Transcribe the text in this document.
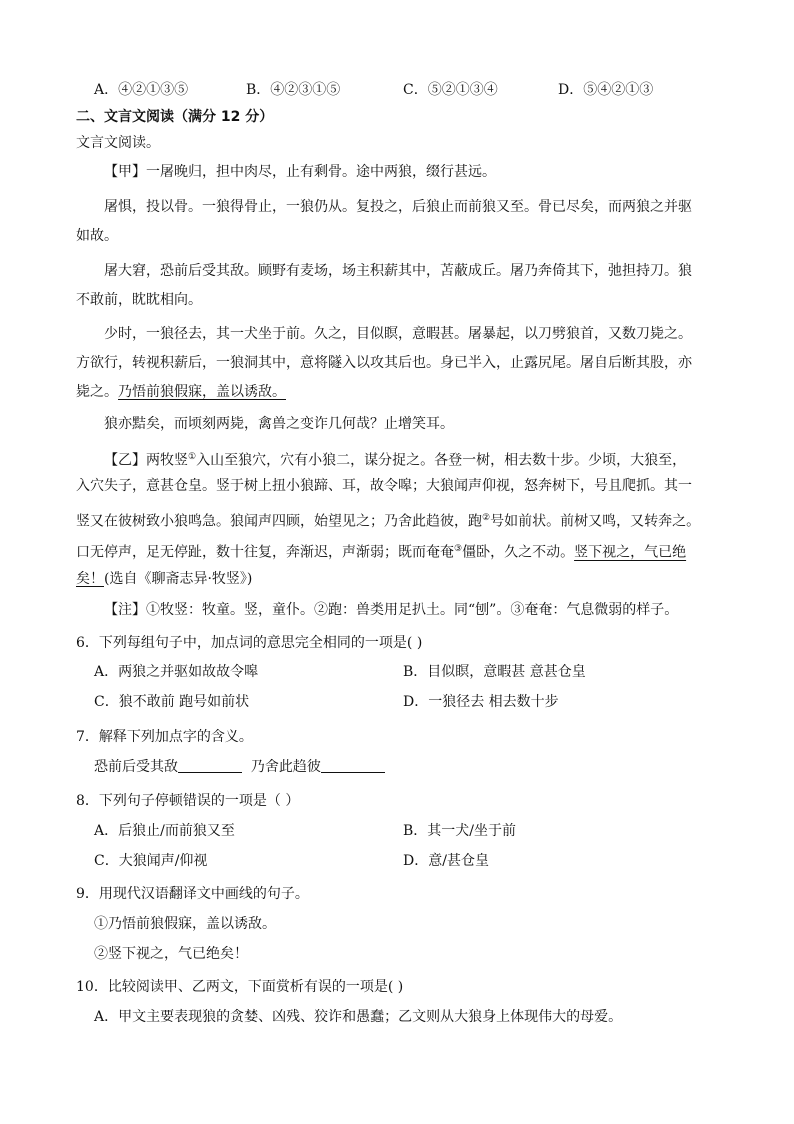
A．④②①③⑤	B．④②③①⑤	C．⑤②①③④	D．⑤④②①③
二、文言文阅读（满分 12 分）
文言文阅读。
【甲】一屠晚归，担中肉尽，止有剩骨。途中两狼，缀行甚远。
屠惧，投以骨。一狼得骨止，一狼仍从。复投之，后狼止而前狼又至。骨已尽矣，而两狼之并驱
如故。
屠大窘，恐前后受其敌。顾野有麦场，场主积薪其中，苫蔽成丘。屠乃奔倚其下，弛担持刀。狼
不敢前，眈眈相向。
少时，一狼径去，其一犬坐于前。久之，目似瞑，意暇甚。屠暴起，以刀劈狼首，又数刀毙之。
方欲行，转视积薪后，一狼洞其中，意将隧入以攻其后也。身已半入，止露尻尾。屠自后断其股，亦
毙之。乃悟前狼假寐，盖以诱敌。
狼亦黠矣，而顷刻两毙，禽兽之变诈几何哉？止增笑耳。
【乙】两牧竖①入山至狼穴，穴有小狼二，谋分捉之。各登一树，相去数十步。少顷，大狼至，
入穴失子，意甚仓皇。竖于树上扭小狼蹄、耳，故令嗥；大狼闻声仰视，怒奔树下，号且爬抓。其一
竖又在彼树致小狼鸣急。狼闻声四顾，始望见之；乃舍此趋彼，跑②号如前状。前树又鸣，又转奔之。
口无停声，足无停趾，数十往复，奔渐迟，声渐弱；既而奄奄③僵卧，久之不动。竖下视之，气已绝
矣！(选自《聊斋志异·牧竖》)
【注】①牧竖：牧童。竖，童仆。②跑：兽类用足扒土。同“刨”。③奄奄：气息微弱的样子。
6．下列每组句子中，加点词的意思完全相同的一项是( )
A．两狼之并驱如故故令嗥	B．目似瞑，意暇甚 意甚仓皇
C．狼不敢前 跑号如前状	D．一狼径去 相去数十步
7．解释下列加点字的含义。
恐前后受其敌	乃舍此趋彼
8．下列句子停顿错误的一项是（ ）
A．后狼止/而前狼又至	B．其一犬/坐于前
C．大狼闻声/仰视	D．意/甚仓皇
9．用现代汉语翻译文中画线的句子。
①乃悟前狼假寐，盖以诱敌。
②竖下视之，气已绝矣！
10．比较阅读甲、乙两文，下面赏析有误的一项是( )
A．甲文主要表现狼的贪婪、凶残、狡诈和愚蠢；乙文则从大狼身上体现伟大的母爱。
